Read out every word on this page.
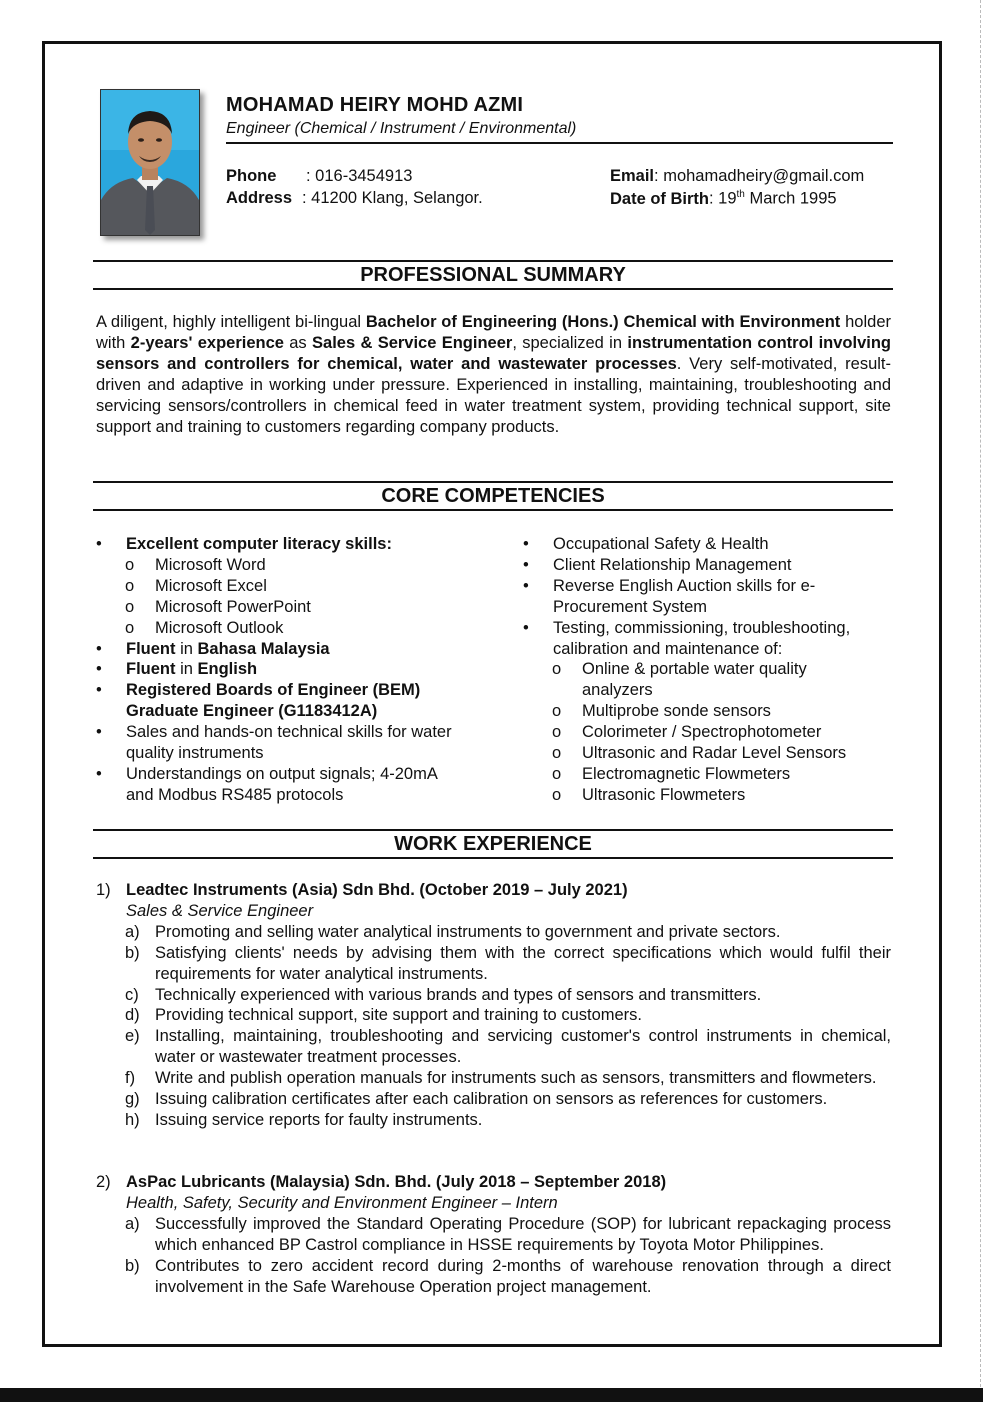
MOHAMAD HEIRY MOHD AZMI
Engineer (Chemical / Instrument / Environmental)
Phone : 016-3454913
Address : 41200 Klang, Selangor.
Email: mohamadheiry@gmail.com
Date of Birth: 19th March 1995
PROFESSIONAL SUMMARY
A diligent, highly intelligent bi-lingual Bachelor of Engineering (Hons.) Chemical with Environment holder with 2-years' experience as Sales & Service Engineer, specialized in instrumentation control involving sensors and controllers for chemical, water and wastewater processes. Very self-motivated, result-driven and adaptive in working under pressure. Experienced in installing, maintaining, troubleshooting and servicing sensors/controllers in chemical feed in water treatment system, providing technical support, site support and training to customers regarding company products.
CORE COMPETENCIES
• Excellent computer literacy skills:
o Microsoft Word
o Microsoft Excel
o Microsoft PowerPoint
o Microsoft Outlook
• Fluent in Bahasa Malaysia
• Fluent in English
• Registered Boards of Engineer (BEM) Graduate Engineer (G1183412A)
• Sales and hands-on technical skills for water quality instruments
• Understandings on output signals; 4-20mA and Modbus RS485 protocols
• Occupational Safety & Health
• Client Relationship Management
• Reverse English Auction skills for e-Procurement System
• Testing, commissioning, troubleshooting, calibration and maintenance of:
o Online & portable water quality analyzers
o Multiprobe sonde sensors
o Colorimeter / Spectrophotometer
o Ultrasonic and Radar Level Sensors
o Electromagnetic Flowmeters
o Ultrasonic Flowmeters
WORK EXPERIENCE
1) Leadtec Instruments (Asia) Sdn Bhd. (October 2019 – July 2021)
Sales & Service Engineer
a) Promoting and selling water analytical instruments to government and private sectors.
b) Satisfying clients' needs by advising them with the correct specifications which would fulfil their requirements for water analytical instruments.
c) Technically experienced with various brands and types of sensors and transmitters.
d) Providing technical support, site support and training to customers.
e) Installing, maintaining, troubleshooting and servicing customer's control instruments in chemical, water or wastewater treatment processes.
f) Write and publish operation manuals for instruments such as sensors, transmitters and flowmeters.
g) Issuing calibration certificates after each calibration on sensors as references for customers.
h) Issuing service reports for faulty instruments.
2) AsPac Lubricants (Malaysia) Sdn. Bhd. (July 2018 – September 2018)
Health, Safety, Security and Environment Engineer – Intern
a) Successfully improved the Standard Operating Procedure (SOP) for lubricant repackaging process which enhanced BP Castrol compliance in HSSE requirements by Toyota Motor Philippines.
b) Contributes to zero accident record during 2-months of warehouse renovation through a direct involvement in the Safe Warehouse Operation project management.
